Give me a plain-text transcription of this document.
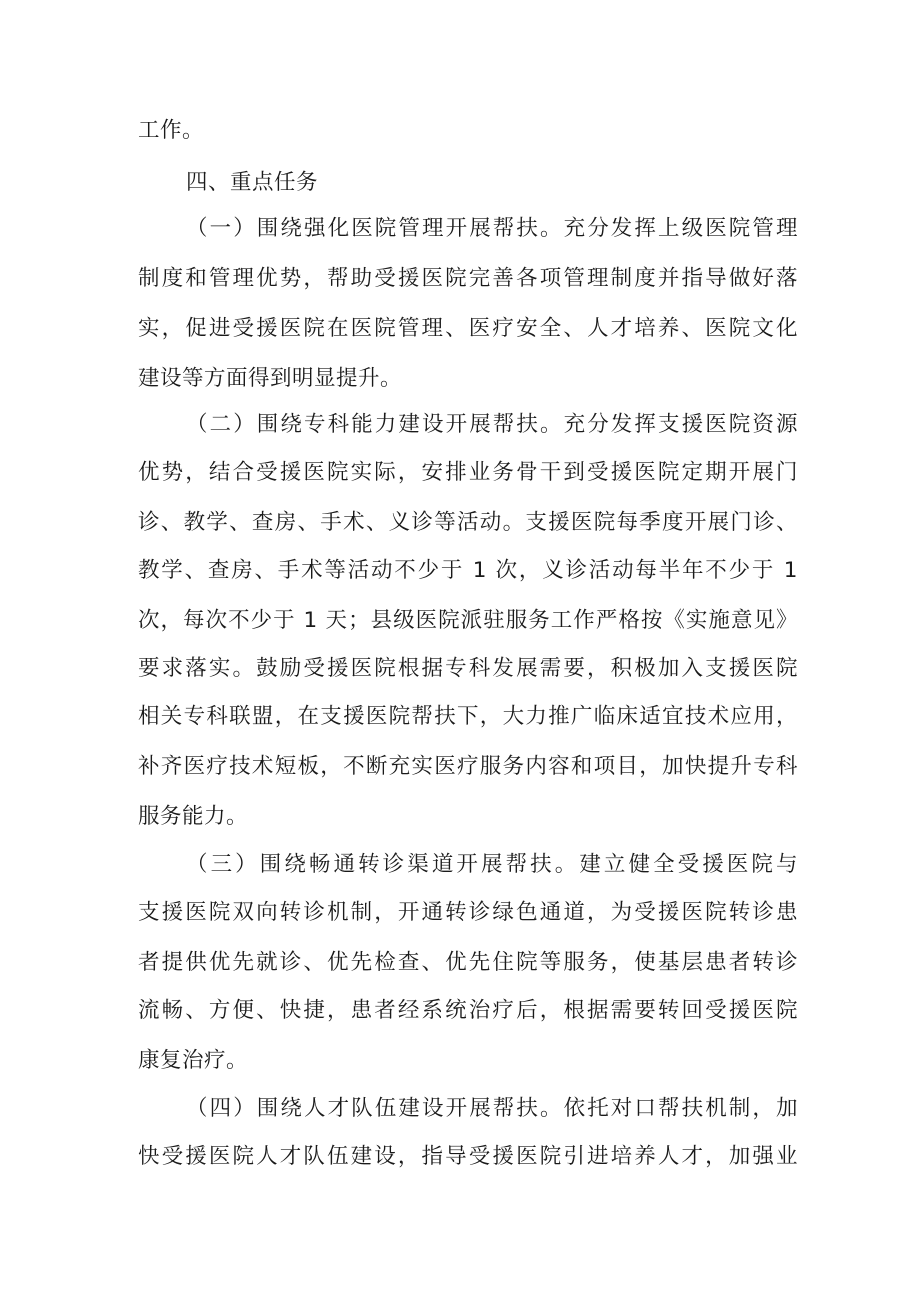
工作。
四、重点任务
（一）围绕强化医院管理开展帮扶。充分发挥上级医院管理
制度和管理优势，帮助受援医院完善各项管理制度并指导做好落
实，促进受援医院在医院管理、医疗安全、人才培养、医院文化
建设等方面得到明显提升。
（二）围绕专科能力建设开展帮扶。充分发挥支援医院资源
优势，结合受援医院实际，安排业务骨干到受援医院定期开展门
诊、教学、查房、手术、义诊等活动。支援医院每季度开展门诊、
教学、查房、手术等活动不少于 1 次，义诊活动每半年不少于 1
次，每次不少于 1 天；县级医院派驻服务工作严格按《实施意见》
要求落实。鼓励受援医院根据专科发展需要，积极加入支援医院
相关专科联盟，在支援医院帮扶下，大力推广临床适宜技术应用，
补齐医疗技术短板，不断充实医疗服务内容和项目，加快提升专科
服务能力。
（三）围绕畅通转诊渠道开展帮扶。建立健全受援医院与
支援医院双向转诊机制，开通转诊绿色通道，为受援医院转诊患
者提供优先就诊、优先检查、优先住院等服务，使基层患者转诊
流畅、方便、快捷，患者经系统治疗后，根据需要转回受援医院
康复治疗。
（四）围绕人才队伍建设开展帮扶。依托对口帮扶机制，加
快受援医院人才队伍建设，指导受援医院引进培养人才，加强业
